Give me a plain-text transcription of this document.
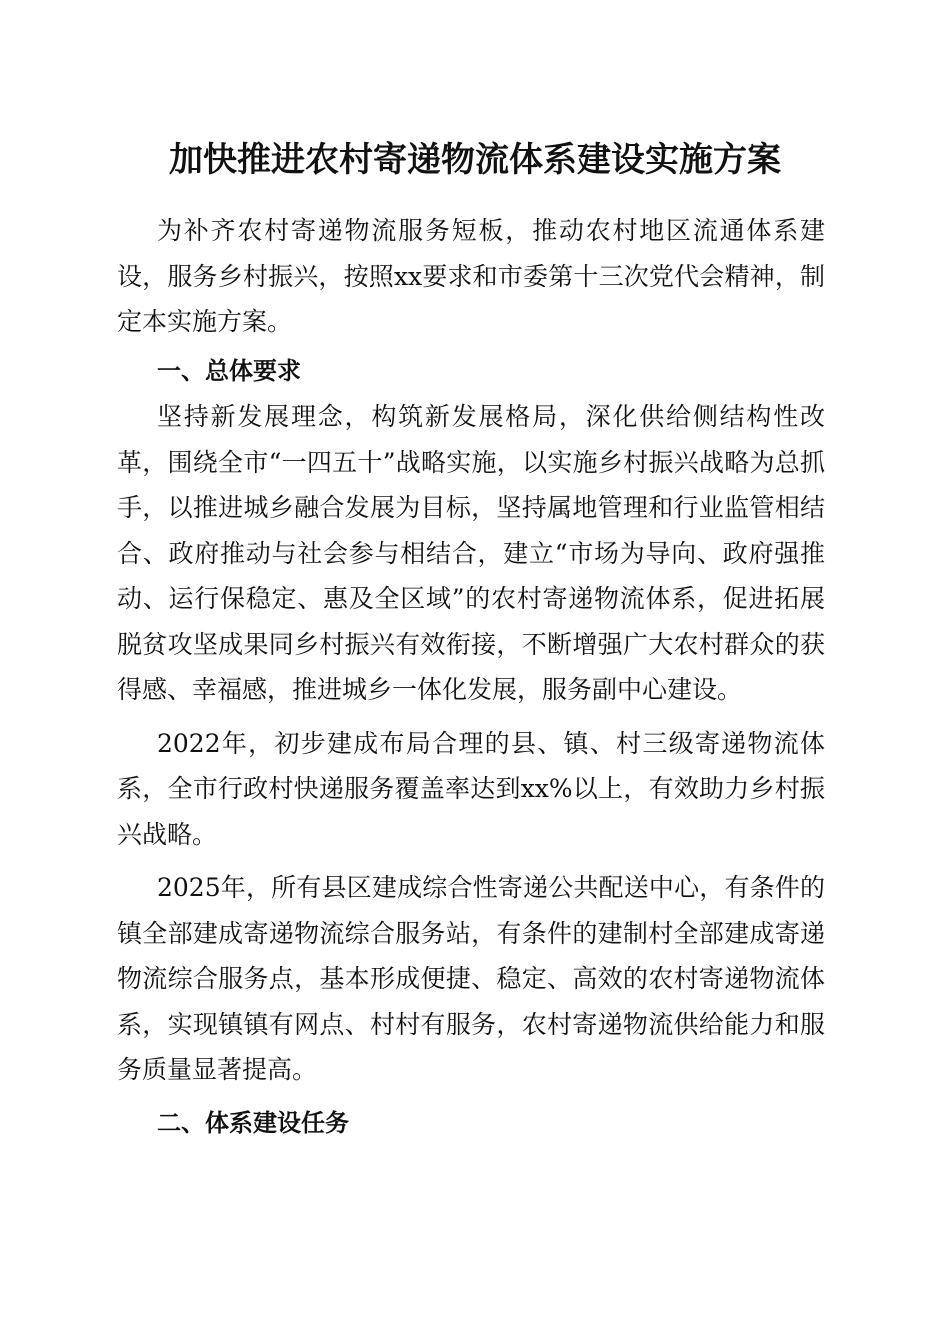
加快推进农村寄递物流体系建设实施方案

为补齐农村寄递物流服务短板，推动农村地区流通体系建设，服务乡村振兴，按照xx要求和市委第十三次党代会精神，制定本实施方案。

一、总体要求

坚持新发展理念，构筑新发展格局，深化供给侧结构性改革，围绕全市“一四五十”战略实施，以实施乡村振兴战略为总抓手，以推进城乡融合发展为目标，坚持属地管理和行业监管相结合、政府推动与社会参与相结合，建立“市场为导向、政府强推动、运行保稳定、惠及全区域”的农村寄递物流体系，促进拓展脱贫攻坚成果同乡村振兴有效衔接，不断增强广大农村群众的获得感、幸福感，推进城乡一体化发展，服务副中心建设。

2022年，初步建成布局合理的县、镇、村三级寄递物流体系，全市行政村快递服务覆盖率达到xx%以上，有效助力乡村振兴战略。

2025年，所有县区建成综合性寄递公共配送中心，有条件的镇全部建成寄递物流综合服务站，有条件的建制村全部建成寄递物流综合服务点，基本形成便捷、稳定、高效的农村寄递物流体系，实现镇镇有网点、村村有服务，农村寄递物流供给能力和服务质量显著提高。

二、体系建设任务
